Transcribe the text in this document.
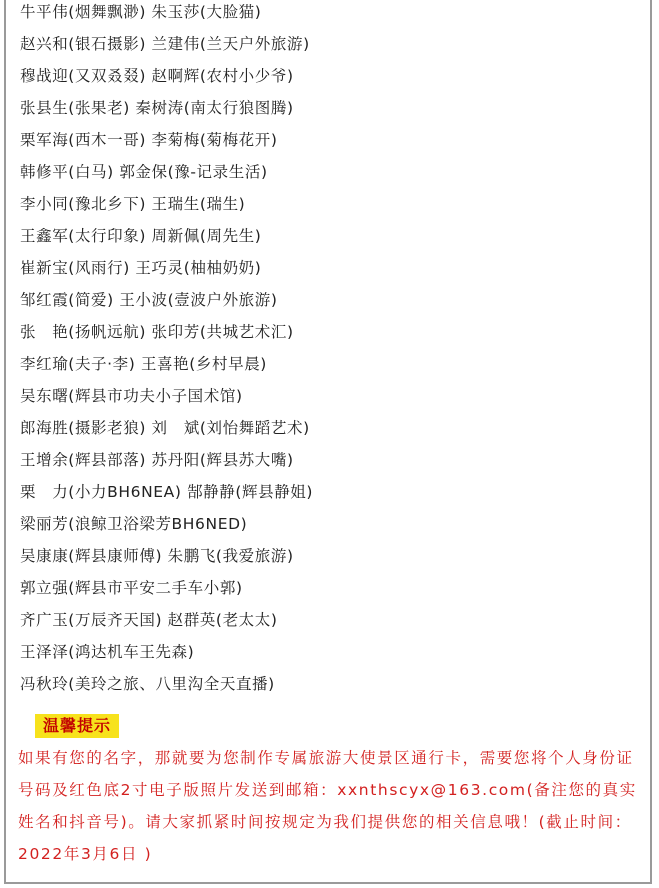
牛平伟(烟舞飘渺) 朱玉莎(大脸猫)
赵兴和(银石摄影) 兰建伟(兰天户外旅游)
穆战迎(又双叒叕) 赵啊辉(农村小少爷)
张县生(张果老) 秦树涛(南太行狼图腾)
栗军海(西木一哥) 李菊梅(菊梅花开)
韩修平(白马) 郭金保(豫-记录生活)
李小同(豫北乡下) 王瑞生(瑞生)
王鑫军(太行印象) 周新佩(周先生)
崔新宝(风雨行) 王巧灵(柚柚奶奶)
邹红霞(简爱) 王小波(壹波户外旅游)
张　艳(扬帆远航) 张印芳(共城艺术汇)
李红瑜(夫子·李) 王喜艳(乡村早晨)
吴东曙(辉县市功夫小子国术馆)
郎海胜(摄影老狼) 刘　斌(刘怡舞蹈艺术)
王增余(辉县部落) 苏丹阳(辉县苏大嘴)
栗　力(小力BH6NEA) 郜静静(辉县静姐)
梁丽芳(浪鲸卫浴梁芳BH6NED)
吴康康(辉县康师傅) 朱鹏飞(我爱旅游)
郭立强(辉县市平安二手车小郭)
齐广玉(万辰齐天国) 赵群英(老太太)
王泽泽(鸿达机车王先森)
冯秋玲(美玲之旅、八里沟全天直播)
温馨提示
如果有您的名字，那就要为您制作专属旅游大使景区通行卡，需要您将个人身份证号码及红色底2寸电子版照片发送到邮箱：xxnthscyx@163.com(备注您的真实姓名和抖音号)。请大家抓紧时间按规定为我们提供您的相关信息哦！(截止时间：2022年3月6日 )
